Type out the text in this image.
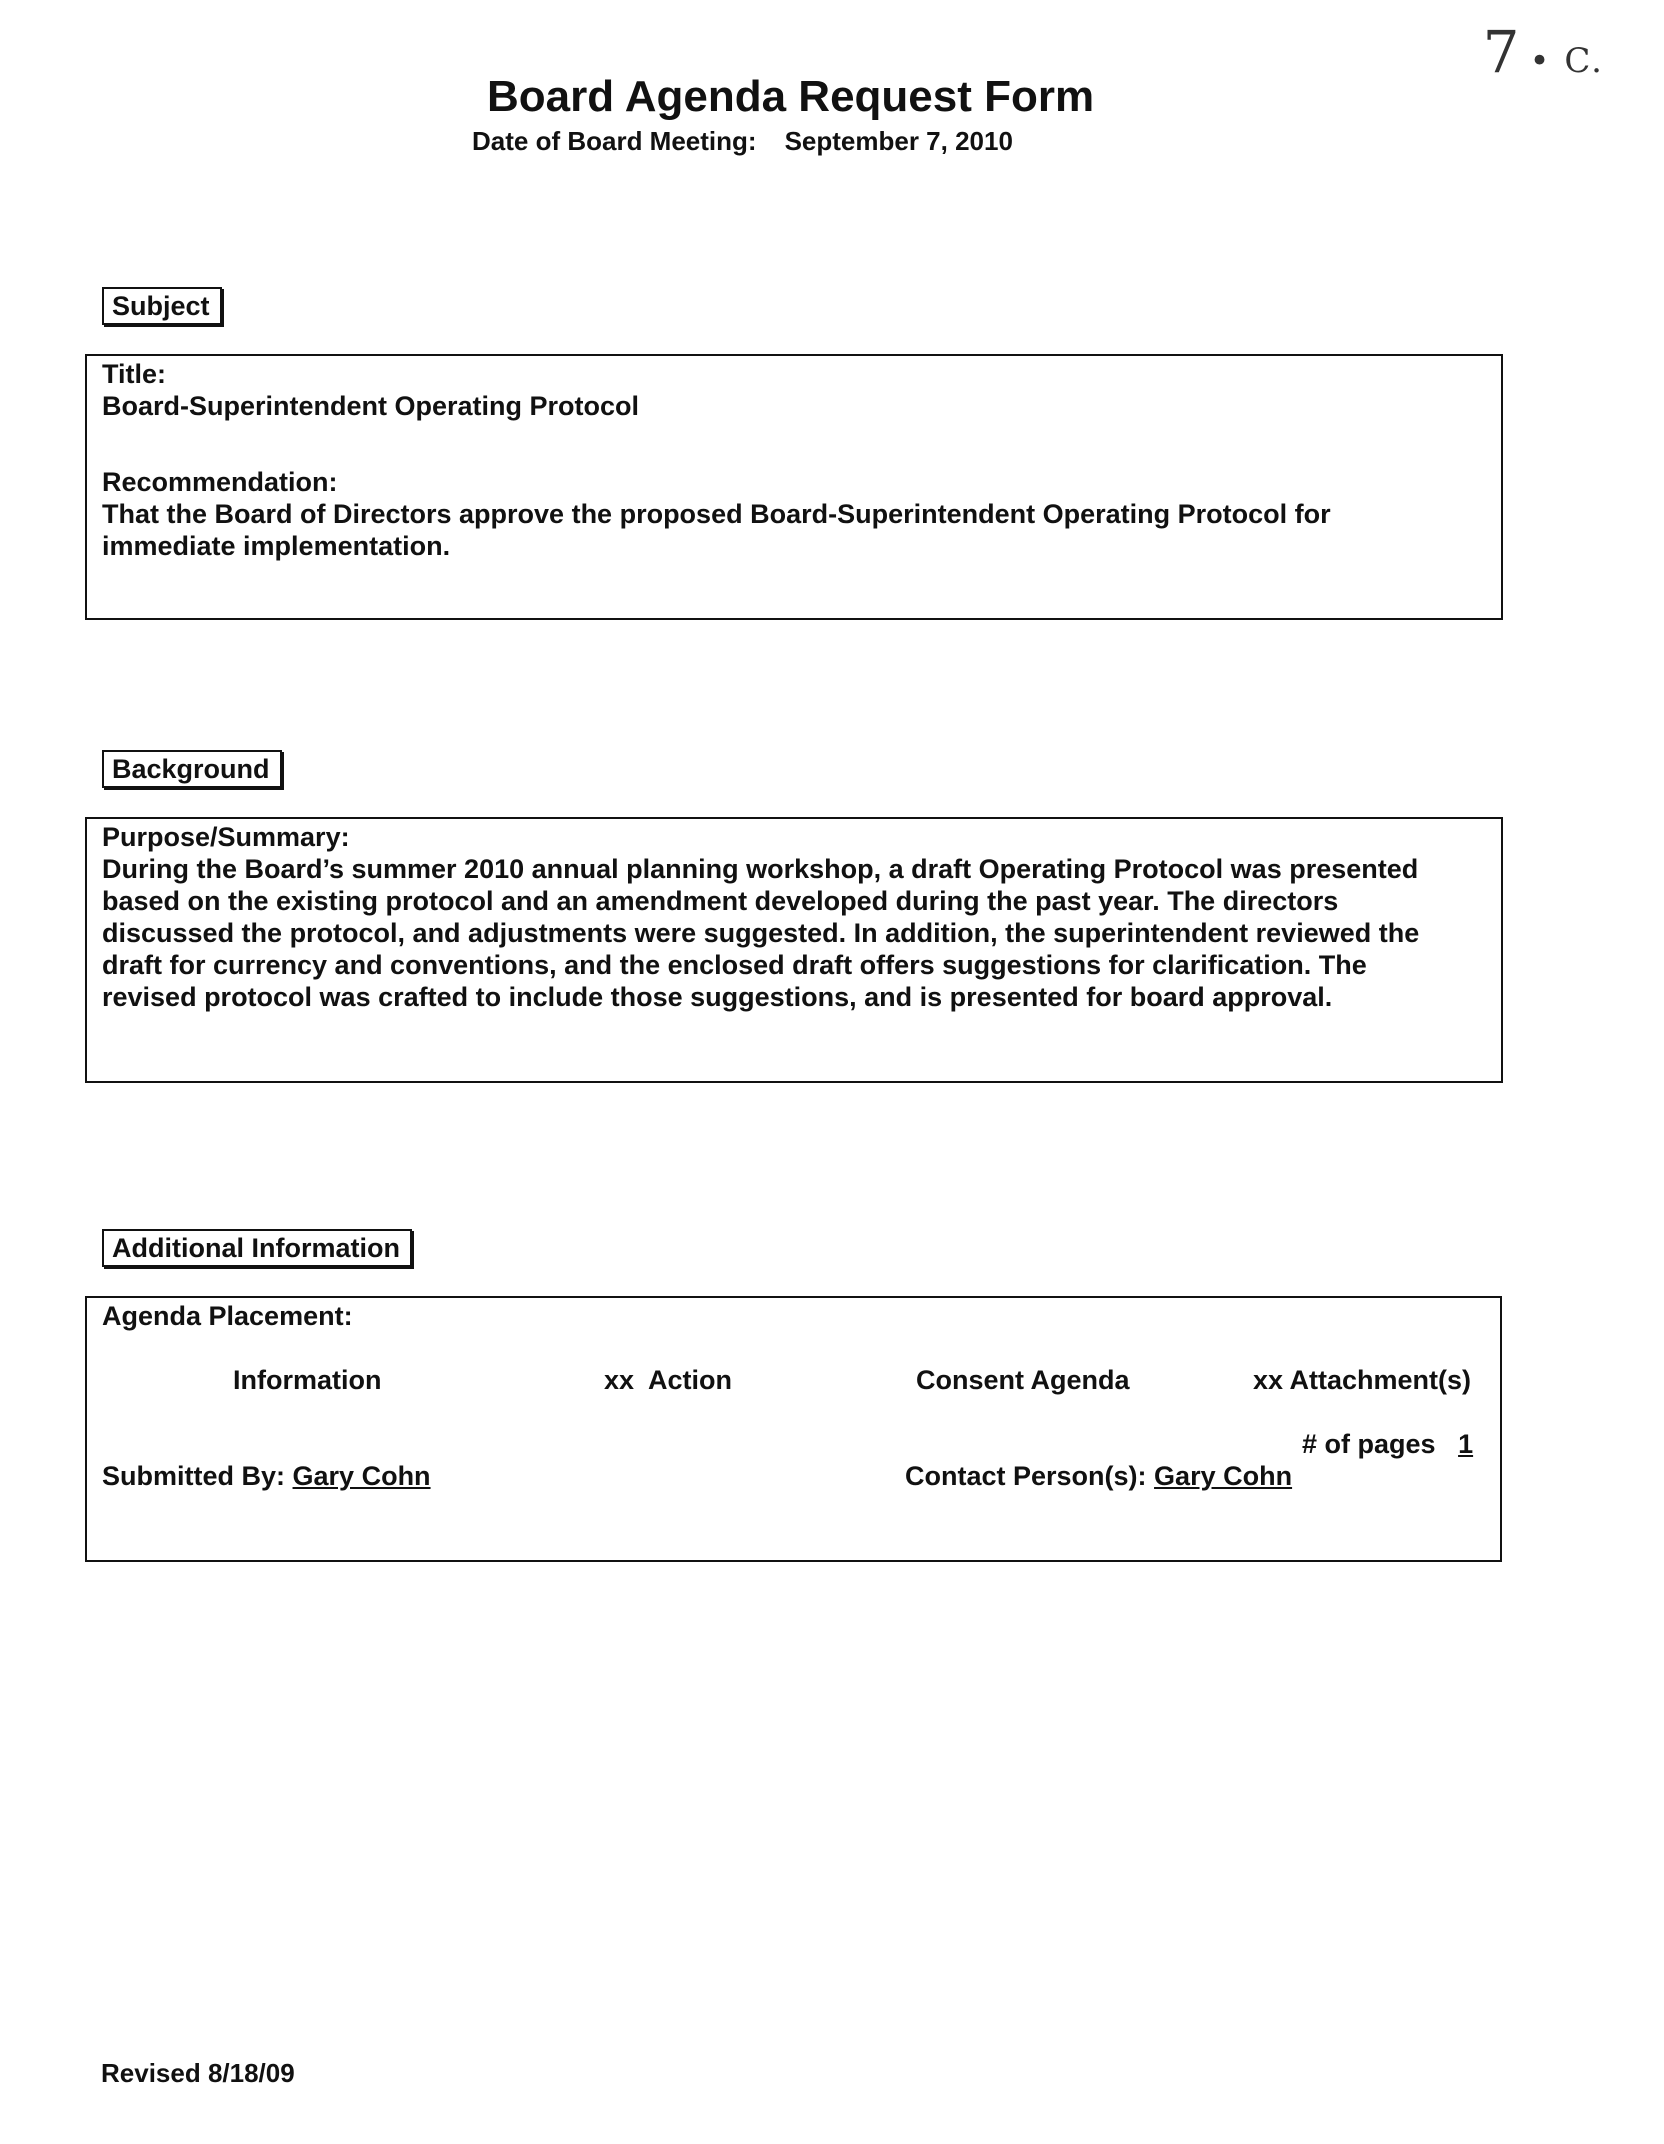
Board Agenda Request Form
Date of Board Meeting: September 7, 2010
7 • C.
Subject

Title:

Board-Superintendent Operating Protocol

Recommendation:

That the Board of Directors approve the proposed Board-Superintendent Operating Protocol for

immediate implementation.

Background

Purpose/Summary:

During the Board’s summer 2010 annual planning workshop, a draft Operating Protocol was presented

based on the existing protocol and an amendment developed during the past year. The directors

discussed the protocol, and adjustments were suggested. In addition, the superintendent reviewed the

draft for currency and conventions, and the enclosed draft offers suggestions for clarification. The

revised protocol was crafted to include those suggestions, and is presented for board approval.

Additional Information
Agenda Placement:
Information	xx  Action	Consent Agenda	xx Attachment(s)
# of pages 1
Submitted By: Gary Cohn	Contact Person(s): Gary Cohn
Revised 8/18/09
